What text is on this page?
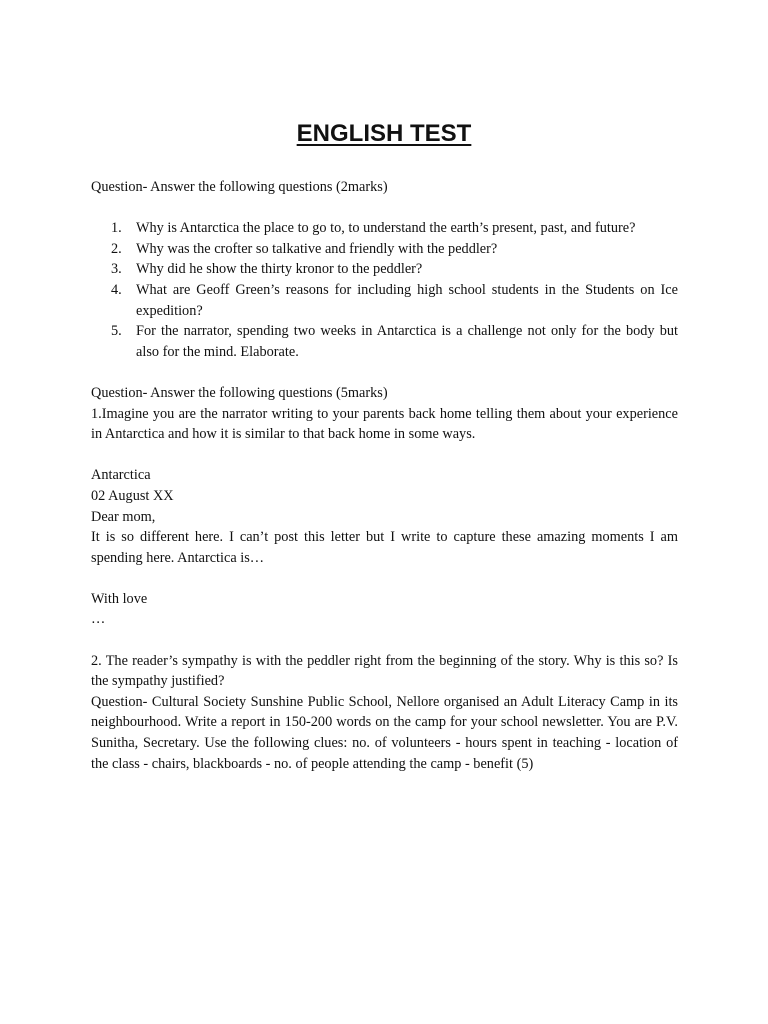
ENGLISH TEST

Question- Answer the following questions (2marks)

1. Why is Antarctica the place to go to, to understand the earth’s present, past, and future?
2. Why was the crofter so talkative and friendly with the peddler?
3. Why did he show the thirty kronor to the peddler?
4. What are Geoff Green’s reasons for including high school students in the Students on Ice expedition?
5. For the narrator, spending two weeks in Antarctica is a challenge not only for the body but also for the mind. Elaborate.

Question- Answer the following questions (5marks)

1.Imagine you are the narrator writing to your parents back home telling them about your experience in Antarctica and how it is similar to that back home in some ways.

Antarctica

02 August XX

Dear mom,

It is so different here. I can’t post this letter but I write to capture these amazing moments I am spending here. Antarctica is…

With love

…

2. The reader’s sympathy is with the peddler right from the beginning of the story. Why is this so? Is the sympathy justified?

Question- Cultural Society Sunshine Public School, Nellore organised an Adult Literacy Camp in its neighbourhood. Write a report in 150-200 words on the camp for your school newsletter. You are P.V. Sunitha, Secretary. Use the following clues: no. of volunteers - hours spent in teaching - location of the class - chairs, blackboards - no. of people attending the camp - benefit (5)
